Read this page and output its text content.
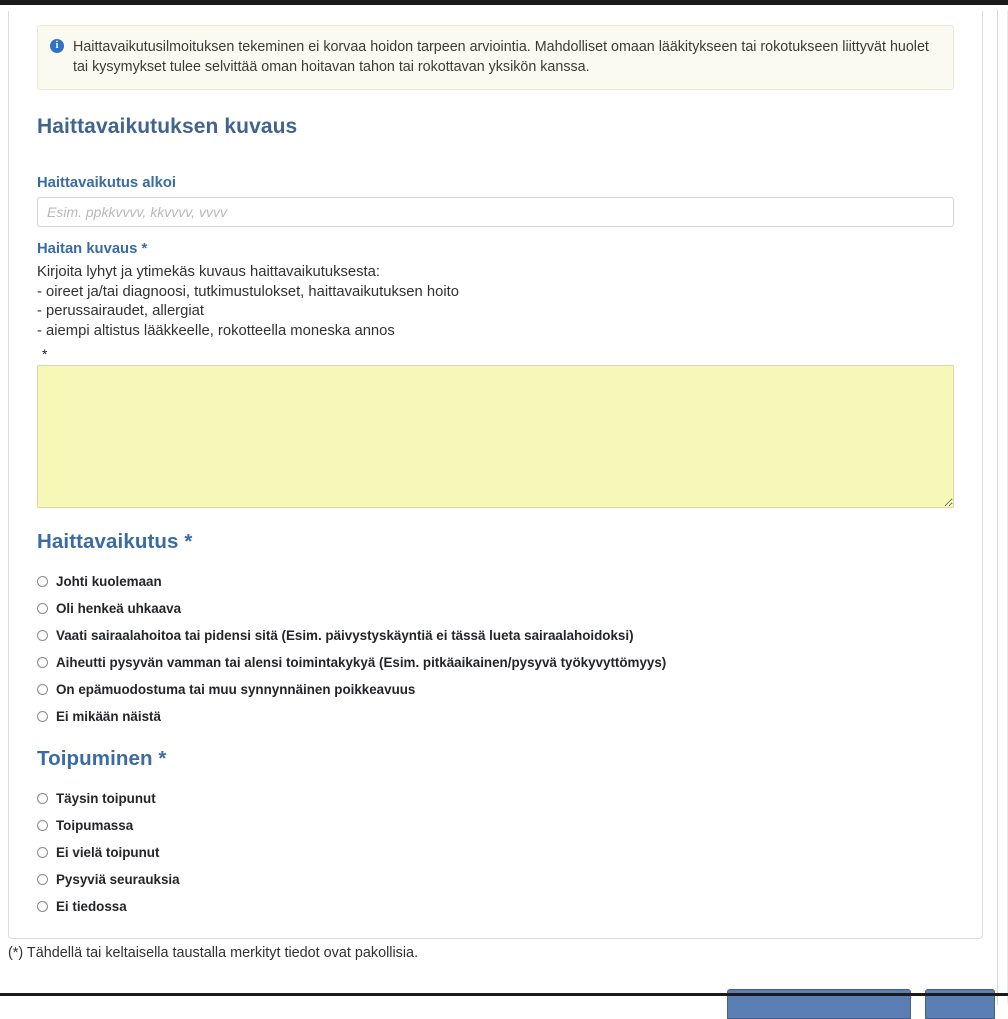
i	Haittavaikutusilmoituksen tekeminen ei korvaa hoidon tarpeen arviointia. Mahdolliset omaan lääkitykseen tai rokotukseen liittyvät huolet tai kysymykset tulee selvittää oman hoitavan tahon tai rokottavan yksikön kanssa.
Haittavaikutuksen kuvaus
Haittavaikutus alkoi
Esim. ppkkvvvv, kkvvvv, vvvv
Haitan kuvaus *
Kirjoita lyhyt ja ytimekäs kuvaus haittavaikutuksesta:
- oireet ja/tai diagnoosi, tutkimustulokset, haittavaikutuksen hoito
- perussairaudet, allergiat
- aiempi altistus lääkkeelle, rokotteella moneska annos
*
Haittavaikutus *
Johti kuolemaan
Oli henkeä uhkaava
Vaati sairaalahoitoa tai pidensi sitä (Esim. päivystyskäyntiä ei tässä lueta sairaalahoidoksi)
Aiheutti pysyvän vamman tai alensi toimintakykyä (Esim. pitkäaikainen/pysyvä työkyvyttömyys)
On epämuodostuma tai muu synnynnäinen poikkeavuus
Ei mikään näistä
Toipuminen *
Täysin toipunut
Toipumassa
Ei vielä toipunut
Pysyviä seurauksia
Ei tiedossa
(*) Tähdellä tai keltaisella taustalla merkityt tiedot ovat pakollisia.
